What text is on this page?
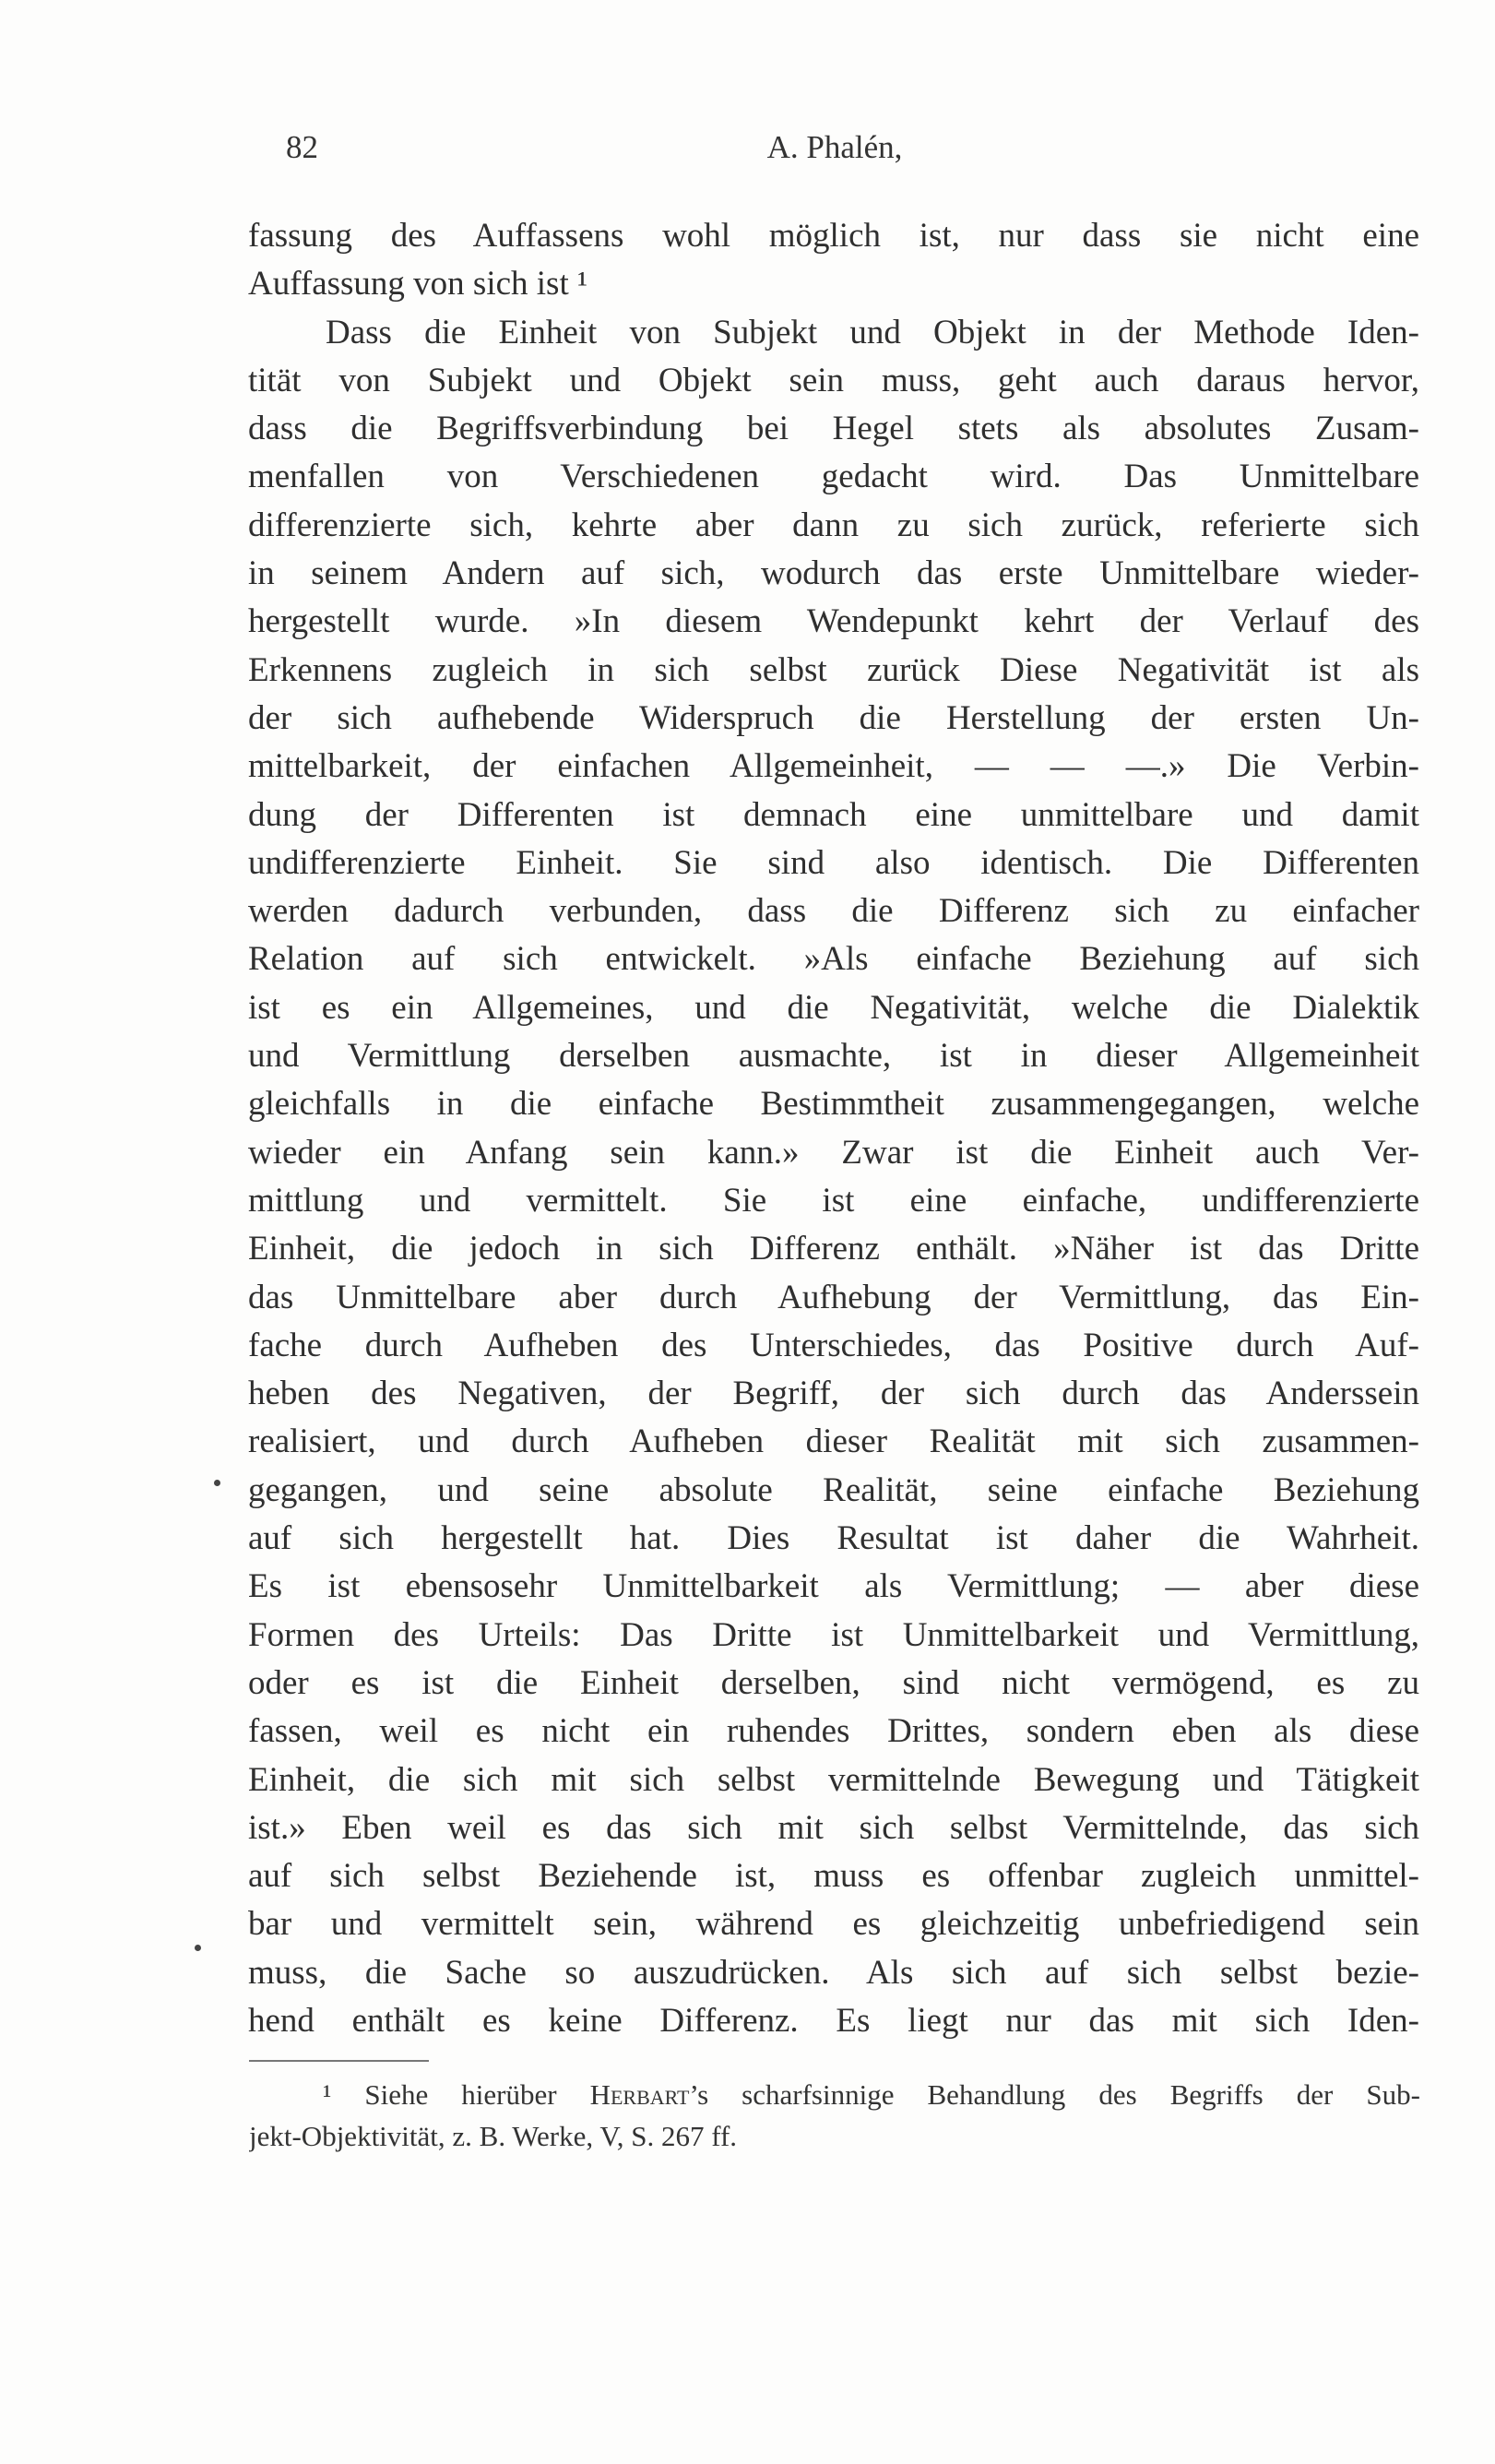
82	A. Phalén,
fassung des Auffassens wohl möglich ist, nur dass sie nicht eine
Auffassung von sich ist ¹
Dass die Einheit von Subjekt und Objekt in der Methode Iden-
tität von Subjekt und Objekt sein muss, geht auch daraus hervor,
dass die Begriffsverbindung bei Hegel stets als absolutes Zusam-
menfallen von Verschiedenen gedacht wird. Das Unmittelbare
differenzierte sich, kehrte aber dann zu sich zurück, referierte sich
in seinem Andern auf sich, wodurch das erste Unmittelbare wieder-
hergestellt wurde. »In diesem Wendepunkt kehrt der Verlauf des
Erkennens zugleich in sich selbst zurück Diese Negativität ist als
der sich aufhebende Widerspruch die Herstellung der ersten Un-
mittelbarkeit, der einfachen Allgemeinheit, — — —.» Die Verbin-
dung der Differenten ist demnach eine unmittelbare und damit
undifferenzierte Einheit. Sie sind also identisch. Die Differenten
werden dadurch verbunden, dass die Differenz sich zu einfacher
Relation auf sich entwickelt. »Als einfache Beziehung auf sich
ist es ein Allgemeines, und die Negativität, welche die Dialektik
und Vermittlung derselben ausmachte, ist in dieser Allgemeinheit
gleichfalls in die einfache Bestimmtheit zusammengegangen, welche
wieder ein Anfang sein kann.» Zwar ist die Einheit auch Ver-
mittlung und vermittelt. Sie ist eine einfache, undifferenzierte
Einheit, die jedoch in sich Differenz enthält. »Näher ist das Dritte
das Unmittelbare aber durch Aufhebung der Vermittlung, das Ein-
fache durch Aufheben des Unterschiedes, das Positive durch Auf-
heben des Negativen, der Begriff, der sich durch das Anderssein
realisiert, und durch Aufheben dieser Realität mit sich zusammen-
gegangen, und seine absolute Realität, seine einfache Beziehung
auf sich hergestellt hat. Dies Resultat ist daher die Wahrheit.
Es ist ebensosehr Unmittelbarkeit als Vermittlung; — aber diese
Formen des Urteils: Das Dritte ist Unmittelbarkeit und Vermittlung,
oder es ist die Einheit derselben, sind nicht vermögend, es zu
fassen, weil es nicht ein ruhendes Drittes, sondern eben als diese
Einheit, die sich mit sich selbst vermittelnde Bewegung und Tätigkeit
ist.» Eben weil es das sich mit sich selbst Vermittelnde, das sich
auf sich selbst Beziehende ist, muss es offenbar zugleich unmittel-
bar und vermittelt sein, während es gleichzeitig unbefriedigend sein
muss, die Sache so auszudrücken. Als sich auf sich selbst bezie-
hend enthält es keine Differenz. Es liegt nur das mit sich Iden-
¹ Siehe hierüber Herbart’s scharfsinnige Behandlung des Begriffs der Sub-
jekt-Objektivität, z. B. Werke, V, S. 267 ff.
